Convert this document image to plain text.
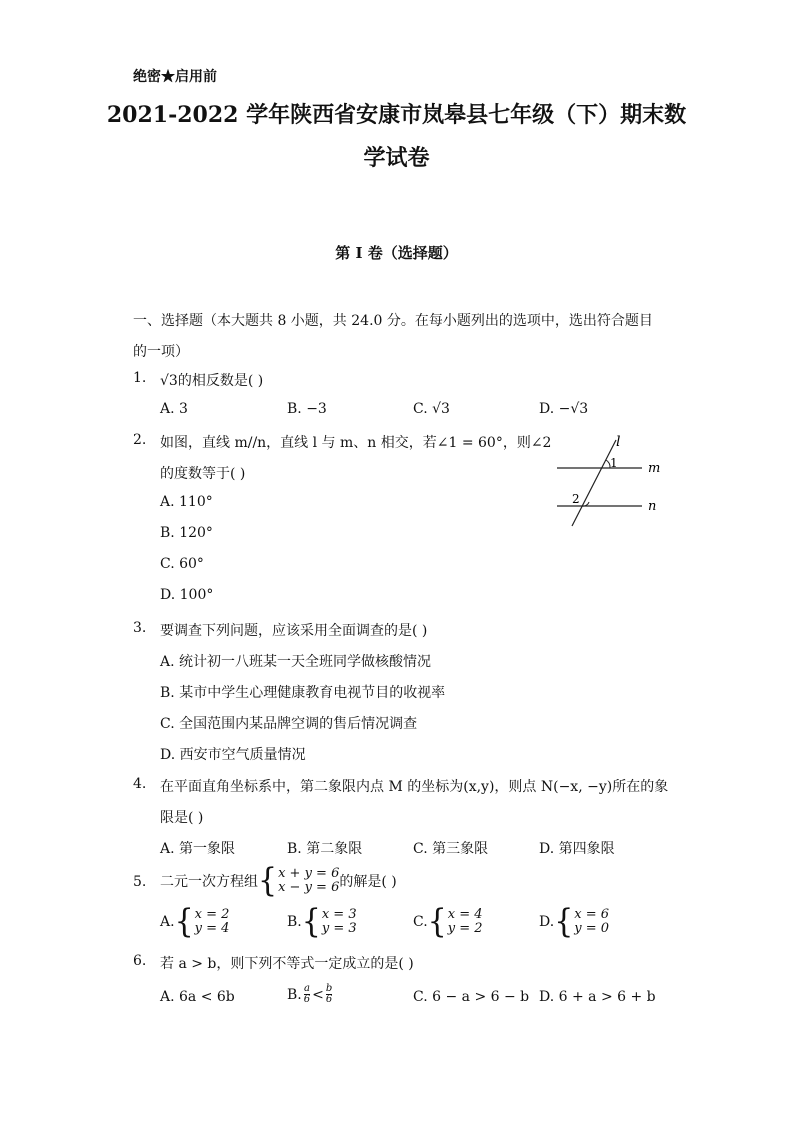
绝密★启用前
2021-2022 学年陕西省安康市岚皋县七年级（下）期末数
学试卷
第 I 卷（选择题）
一、选择题（本大题共 8 小题，共 24.0 分。在每小题列出的选项中，选出符合题目的一项）
1. √3的相反数是( )
A. 3	B. −3	C. √3	D. −√3
2. 如图，直线 m//n，直线 l 与 m、n 相交，若∠1 = 60°，则∠2
的度数等于( )
A. 110°
B. 120°
C. 60°
D. 100°
l
m
n
1
2
3. 要调查下列问题，应该采用全面调查的是( )
A. 统计初一八班某一天全班同学做核酸情况
B. 某市中学生心理健康教育电视节目的收视率
C. 全国范围内某品牌空调的售后情况调查
D. 西安市空气质量情况
4. 在平面直角坐标系中，第二象限内点 M 的坐标为(x,y)，则点 N(−x, −y)所在的象
限是( )
A. 第一象限	B. 第二象限	C. 第三象限	D. 第四象限
5. 二元一次方程组 { x + y = 6
x − y = 6 的解是( )
A. { x = 2
y = 4	B. { x = 3
y = 3	C. { x = 4
y = 2	D. { x = 6
y = 0
6. 若 a > b，则下列不等式一定成立的是( )
A. 6a < 6b	B. $\frac{a}{6} < \frac{b}{6}$	C. 6 − a > 6 − b D. 6 + a > 6 + b
